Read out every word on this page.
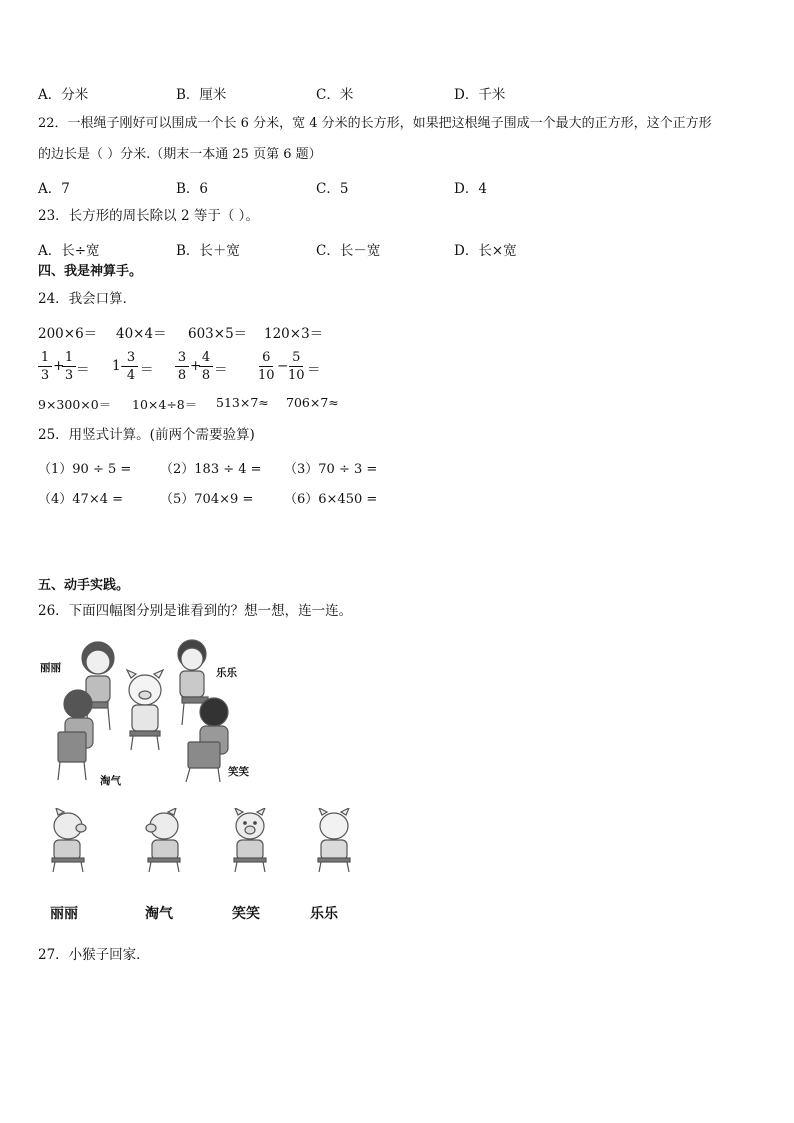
A．分米	B．厘米	C．米	D．千米
22．一根绳子刚好可以围成一个长 6 分米，宽 4 分米的长方形，如果把这根绳子围成一个最大的正方形，这个正方形
的边长是（ ）分米.（期末一本通 25 页第 6 题）
A．7	B．6	C．5	D．4
23．长方形的周长除以 2 等于（ ）。
A．长÷宽	B．长＋宽	C．长－宽	D．长×宽
四、我是神算手。
24．我会口算．
200×6＝ 40×4＝ 603×5＝ 120×3＝
1
3
+
1
3 ＝ 1-
3
4 ＝
3
8
+
4
8 ＝
6
10
−
5
10 ＝
9×300×0＝ 10×4÷8＝ 513×7≈ 706×7≈
25．用竖式计算。(前两个需要验算)
（1）90 ÷ 5 = （2）183 ÷ 4 = （3）70 ÷ 3 =
（4）47×4 =	（5）704×9 = （6）6×450 =
五、动手实践。
26．下面四幅图分别是谁看到的？想一想，连一连。
丽丽	乐乐
淘气
笑笑
丽丽	淘气	笑笑	乐乐
27．小猴子回家．
